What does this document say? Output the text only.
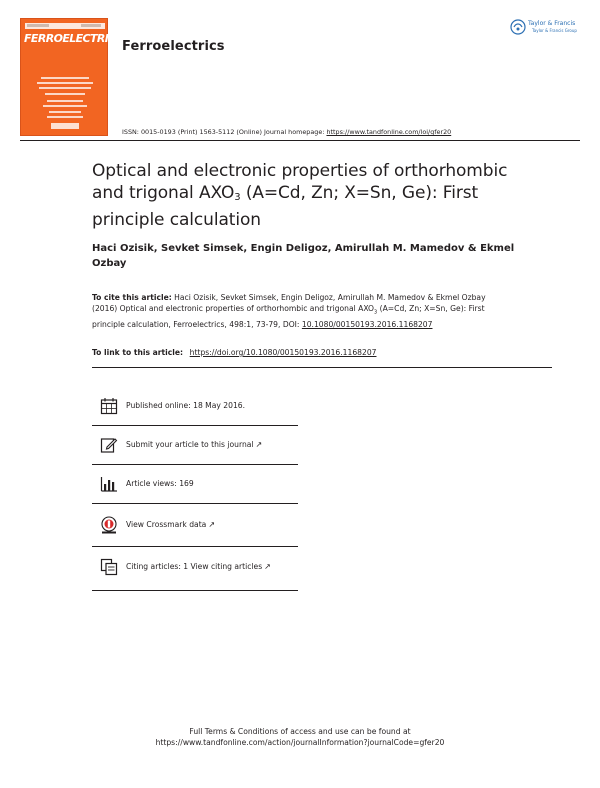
FERROELECTRICS
Ferroelectrics
Taylor & Francis
Taylor & Francis Group
ISSN: 0015-0193 (Print) 1563-5112 (Online) Journal homepage: https://www.tandfonline.com/loi/gfer20
Optical and electronic properties of orthorhombic and trigonal $AXO_3$ (A=Cd, Zn; X=Sn, Ge): First principle calculation
Haci Ozisik, Sevket Simsek, Engin Deligoz, Amirullah M. Mamedov & Ekmel Ozbay
To cite this article: Haci Ozisik, Sevket Simsek, Engin Deligoz, Amirullah M. Mamedov & Ekmel Ozbay (2016) Optical and electronic properties of orthorhombic and trigonal $AXO_3$ (A=Cd, Zn; X=Sn, Ge): First principle calculation, Ferroelectrics, 498:1, 73-79, DOI: 10.1080/00150193.2016.1168207
To link to this article: https://doi.org/10.1080/00150193.2016.1168207
Published online: 18 May 2016.
Submit your article to this journal ↗
Article views: 169
View Crossmark data ↗
Citing articles: 1 View citing articles ↗
Full Terms & Conditions of access and use can be found at
https://www.tandfonline.com/action/journalInformation?journalCode=gfer20
